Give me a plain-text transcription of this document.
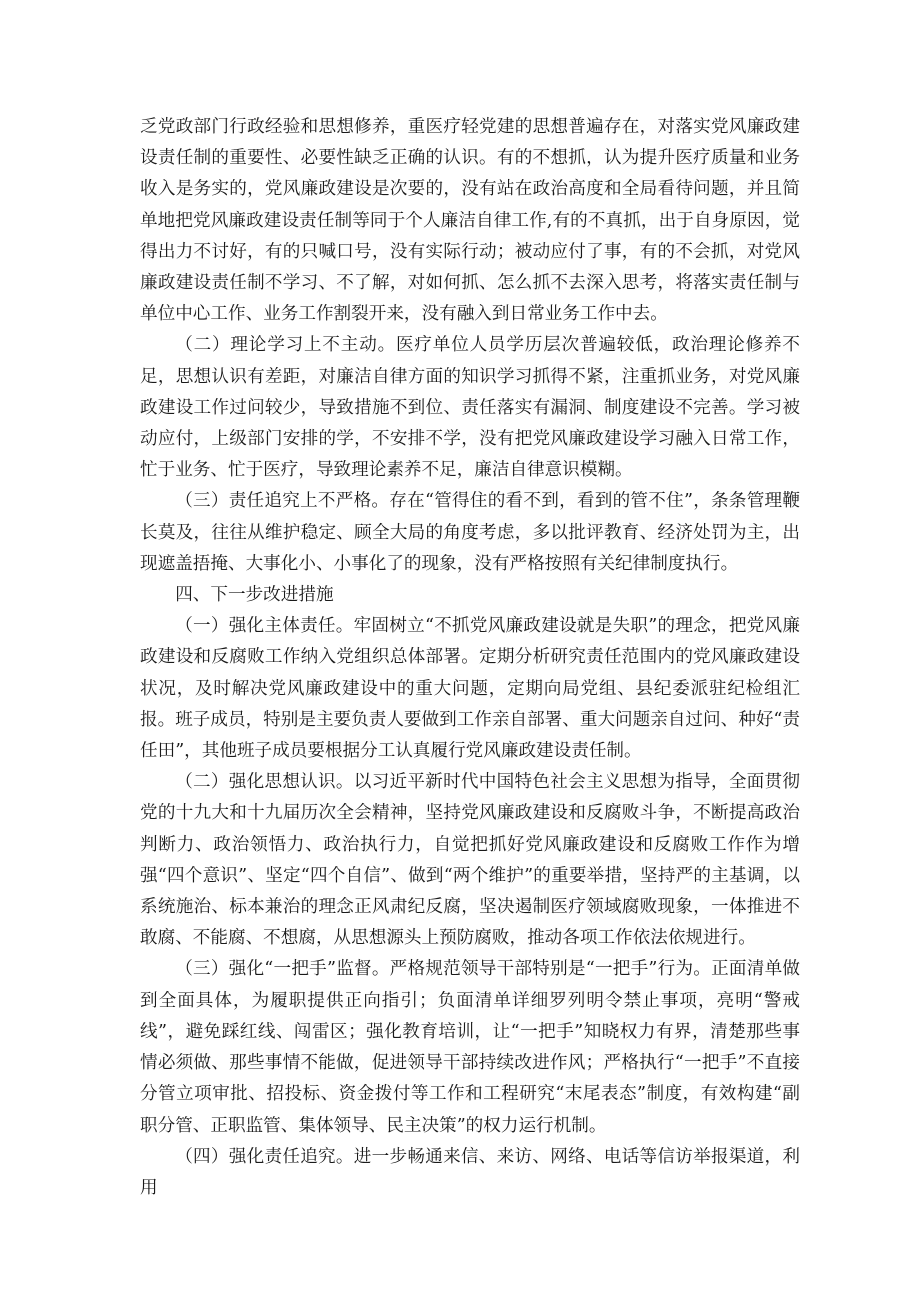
乏党政部门行政经验和思想修养，重医疗轻党建的思想普遍存在，对落实党风廉政建设责任制的重要性、必要性缺乏正确的认识。有的不想抓，认为提升医疗质量和业务收入是务实的，党风廉政建设是次要的，没有站在政治高度和全局看待问题，并且简单地把党风廉政建设责任制等同于个人廉洁自律工作,有的不真抓，出于自身原因，觉得出力不讨好，有的只喊口号，没有实际行动；被动应付了事，有的不会抓，对党风廉政建设责任制不学习、不了解，对如何抓、怎么抓不去深入思考，将落实责任制与单位中心工作、业务工作割裂开来，没有融入到日常业务工作中去。

（二）理论学习上不主动。医疗单位人员学历层次普遍较低，政治理论修养不足，思想认识有差距，对廉洁自律方面的知识学习抓得不紧，注重抓业务，对党风廉政建设工作过问较少，导致措施不到位、责任落实有漏洞、制度建设不完善。学习被动应付，上级部门安排的学，不安排不学，没有把党风廉政建设学习融入日常工作，忙于业务、忙于医疗，导致理论素养不足，廉洁自律意识模糊。

（三）责任追究上不严格。存在“管得住的看不到，看到的管不住”，条条管理鞭长莫及，往往从维护稳定、顾全大局的角度考虑，多以批评教育、经济处罚为主，出现遮盖捂掩、大事化小、小事化了的现象，没有严格按照有关纪律制度执行。

四、下一步改进措施

（一）强化主体责任。牢固树立“不抓党风廉政建设就是失职”的理念，把党风廉政建设和反腐败工作纳入党组织总体部署。定期分析研究责任范围内的党风廉政建设状况，及时解决党风廉政建设中的重大问题，定期向局党组、县纪委派驻纪检组汇报。班子成员，特别是主要负责人要做到工作亲自部署、重大问题亲自过问、种好“责任田”，其他班子成员要根据分工认真履行党风廉政建设责任制。

（二）强化思想认识。以习近平新时代中国特色社会主义思想为指导，全面贯彻党的十九大和十九届历次全会精神，坚持党风廉政建设和反腐败斗争，不断提高政治判断力、政治领悟力、政治执行力，自觉把抓好党风廉政建设和反腐败工作作为增强“四个意识”、坚定“四个自信”、做到“两个维护”的重要举措，坚持严的主基调，以系统施治、标本兼治的理念正风肃纪反腐，坚决遏制医疗领域腐败现象，一体推进不敢腐、不能腐、不想腐，从思想源头上预防腐败，推动各项工作依法依规进行。

（三）强化“一把手”监督。严格规范领导干部特别是“一把手”行为。正面清单做到全面具体，为履职提供正向指引；负面清单详细罗列明令禁止事项，亮明“警戒线”，避免踩红线、闯雷区；强化教育培训，让“一把手”知晓权力有界，清楚那些事情必须做、那些事情不能做，促进领导干部持续改进作风；严格执行“一把手”不直接分管立项审批、招投标、资金拨付等工作和工程研究“末尾表态”制度，有效构建“副职分管、正职监管、集体领导、民主决策”的权力运行机制。

（四）强化责任追究。进一步畅通来信、来访、网络、电话等信访举报渠道，利用
